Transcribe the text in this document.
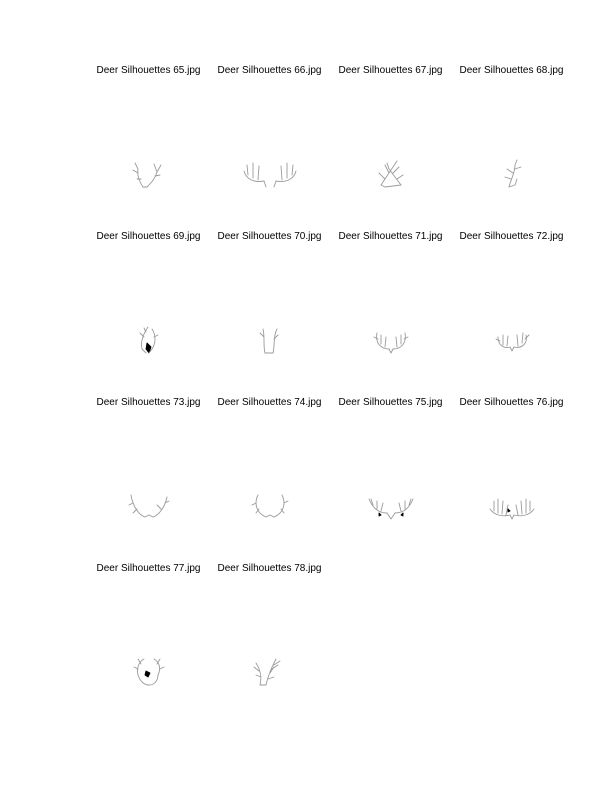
Deer Silhouettes 65.jpg	Deer Silhouettes 66.jpg	Deer Silhouettes 67.jpg	Deer Silhouettes 68.jpg
Deer Silhouettes 69.jpg	Deer Silhouettes 70.jpg	Deer Silhouettes 71.jpg	Deer Silhouettes 72.jpg
Deer Silhouettes 73.jpg	Deer Silhouettes 74.jpg	Deer Silhouettes 75.jpg	Deer Silhouettes 76.jpg
Deer Silhouettes 77.jpg	Deer Silhouettes 78.jpg
